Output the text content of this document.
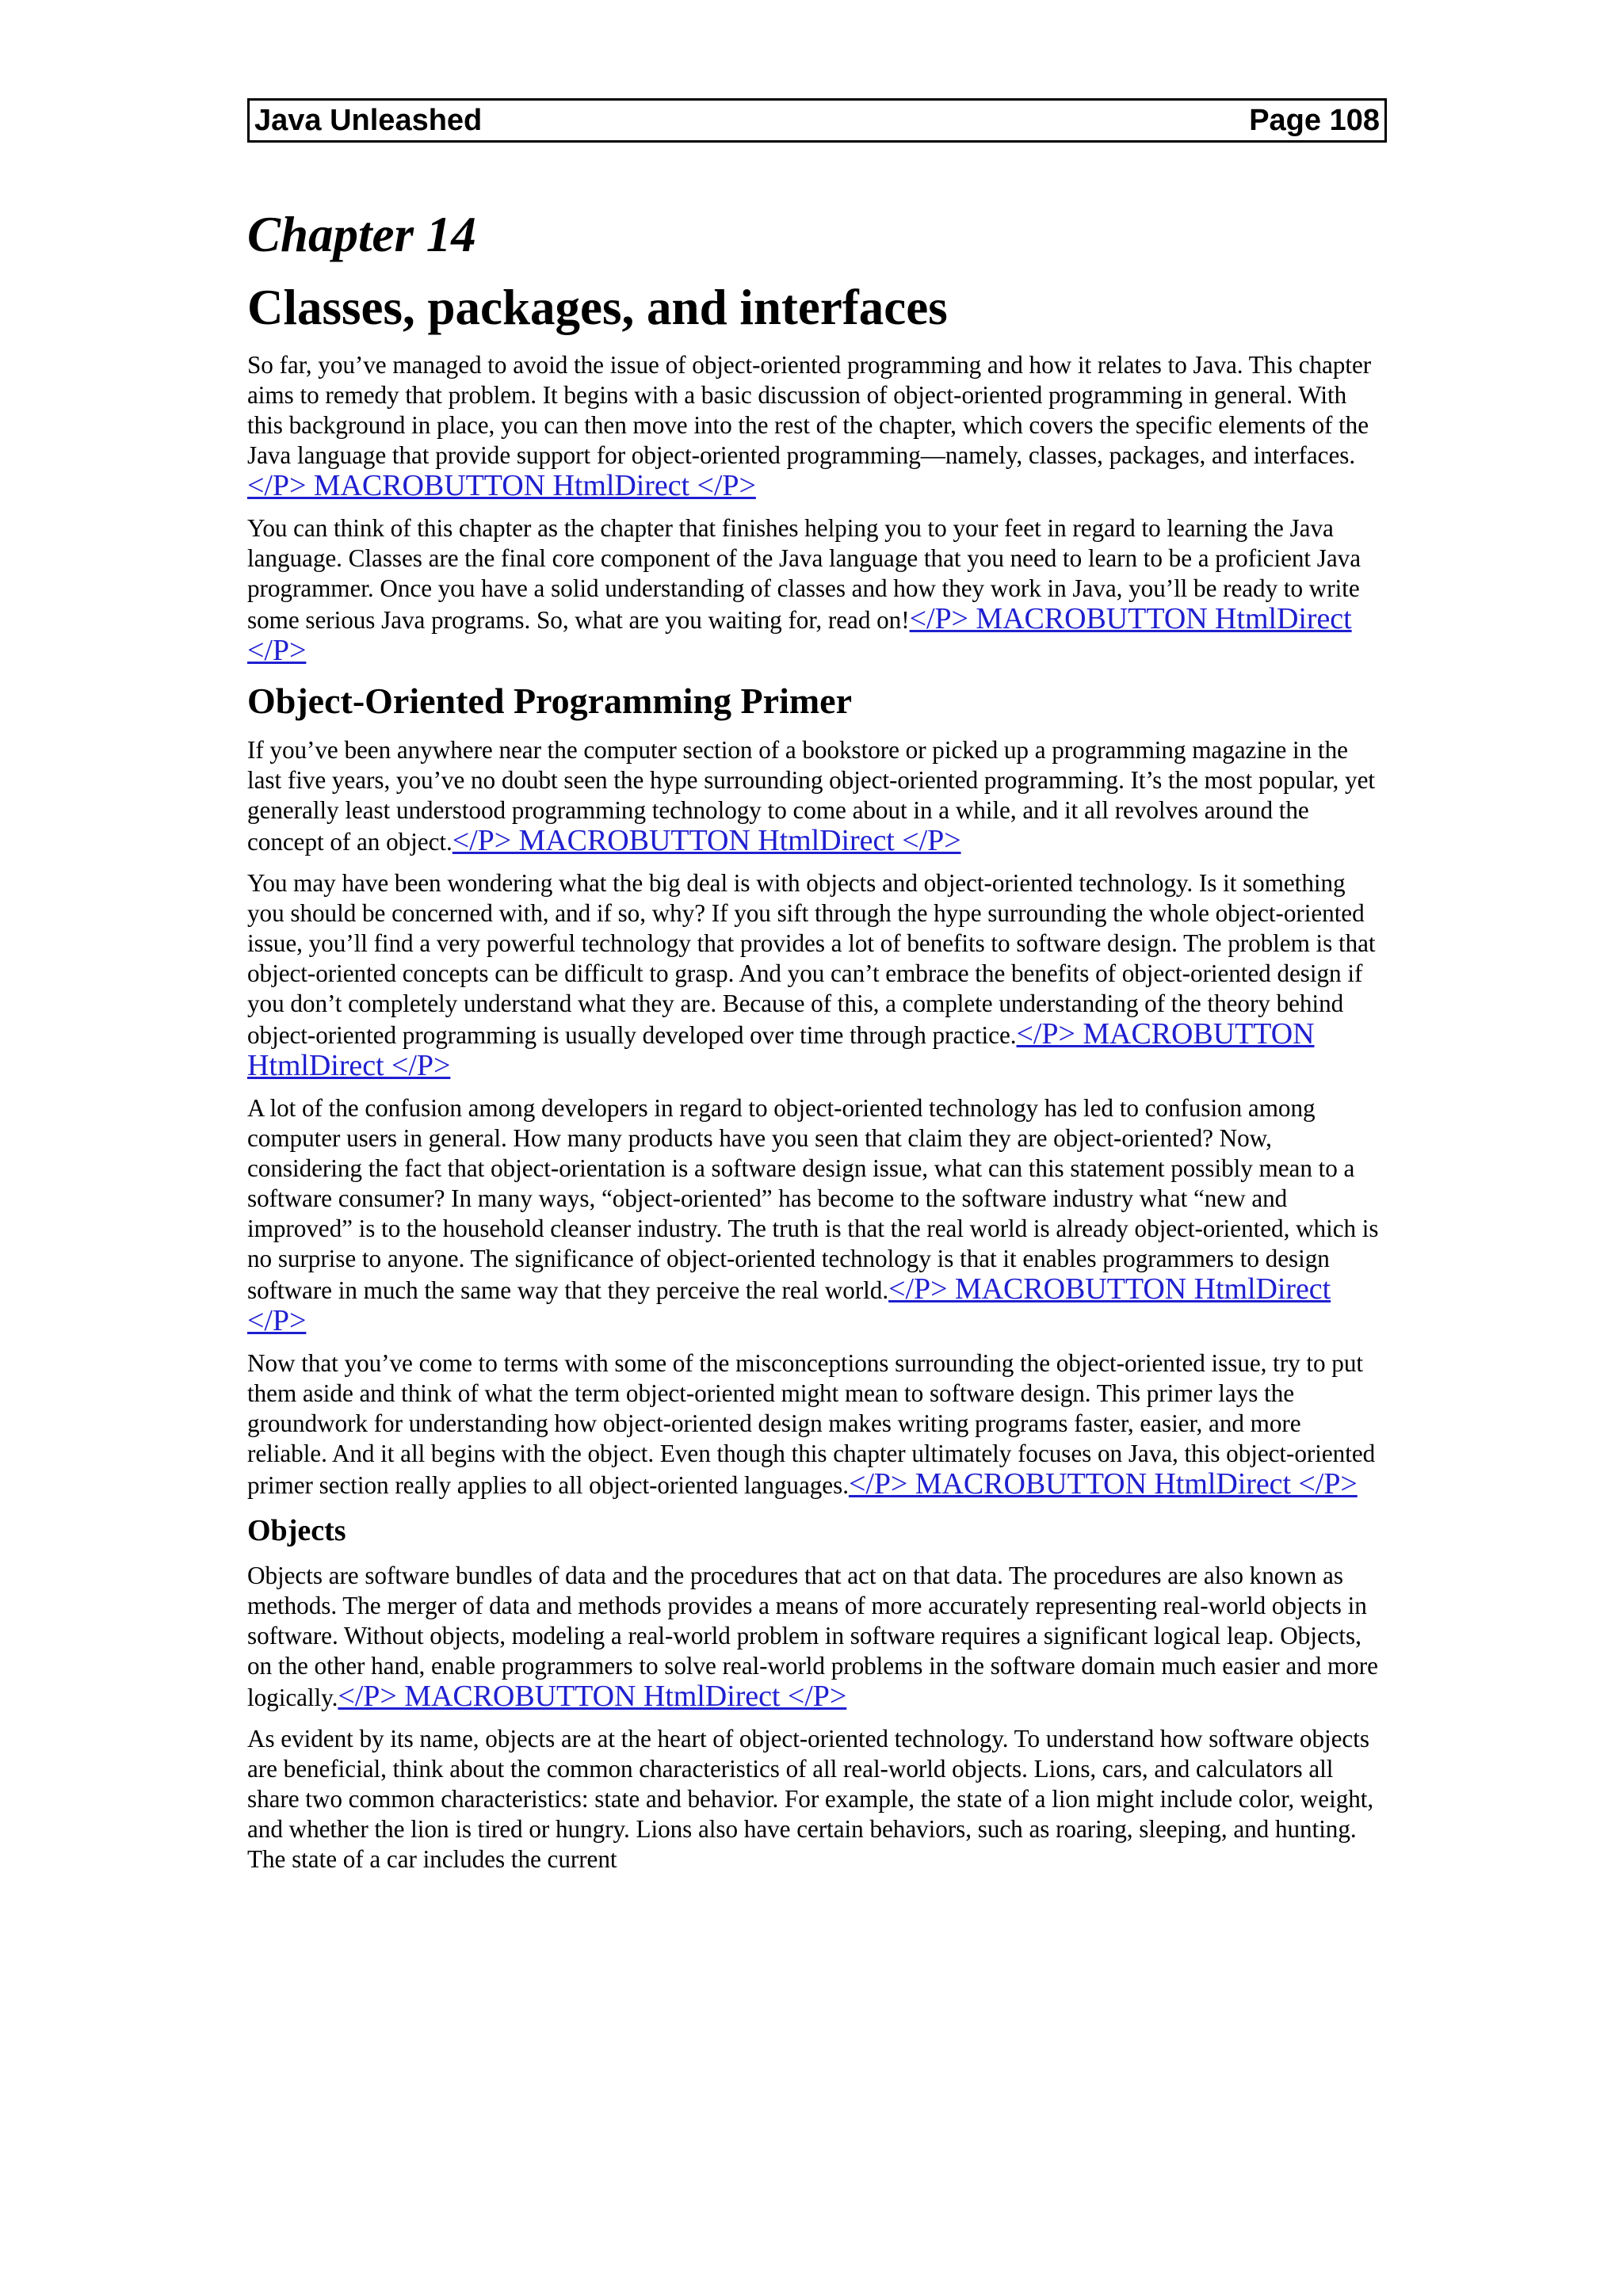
Java Unleashed	Page 108
Chapter 14
Classes, packages, and interfaces

So far, you’ve managed to avoid the issue of object-oriented programming and how it relates to Java. This chapter aims to remedy that problem. It begins with a basic discussion of object-oriented programming in general. With this background in place, you can then move into the rest of the chapter, which covers the specific elements of the Java language that provide support for object-oriented programming—namely, classes, packages, and interfaces.</P> MACROBUTTON HtmlDirect </P>

You can think of this chapter as the chapter that finishes helping you to your feet in regard to learning the Java language. Classes are the final core component of the Java language that you need to learn to be a proficient Java programmer. Once you have a solid understanding of classes and how they work in Java, you’ll be ready to write some serious Java programs. So, what are you waiting for, read on!</P> MACROBUTTON HtmlDirect </P>

Object-Oriented Programming Primer

If you’ve been anywhere near the computer section of a bookstore or picked up a programming magazine in the last five years, you’ve no doubt seen the hype surrounding object-oriented programming. It’s the most popular, yet generally least understood programming technology to come about in a while, and it all revolves around the concept of an object.</P> MACROBUTTON HtmlDirect </P>

You may have been wondering what the big deal is with objects and object-oriented technology. Is it something you should be concerned with, and if so, why? If you sift through the hype surrounding the whole object-oriented issue, you’ll find a very powerful technology that provides a lot of benefits to software design. The problem is that object-oriented concepts can be difficult to grasp. And you can’t embrace the benefits of object-oriented design if you don’t completely understand what they are. Because of this, a complete understanding of the theory behind object-oriented programming is usually developed over time through practice.</P> MACROBUTTON HtmlDirect </P>

A lot of the confusion among developers in regard to object-oriented technology has led to confusion among computer users in general. How many products have you seen that claim they are object-oriented? Now, considering the fact that object-orientation is a software design issue, what can this statement possibly mean to a software consumer? In many ways, “object-oriented” has become to the software industry what “new and improved” is to the household cleanser industry. The truth is that the real world is already object-oriented, which is no surprise to anyone. The significance of object-oriented technology is that it enables programmers to design software in much the same way that they perceive the real world.</P> MACROBUTTON HtmlDirect </P>

Now that you’ve come to terms with some of the misconceptions surrounding the object-oriented issue, try to put them aside and think of what the term object-oriented might mean to software design. This primer lays the groundwork for understanding how object-oriented design makes writing programs faster, easier, and more reliable. And it all begins with the object. Even though this chapter ultimately focuses on Java, this object-oriented primer section really applies to all object-oriented languages.</P> MACROBUTTON HtmlDirect </P>

Objects

Objects are software bundles of data and the procedures that act on that data. The procedures are also known as methods. The merger of data and methods provides a means of more accurately representing real-world objects in software. Without objects, modeling a real-world problem in software requires a significant logical leap. Objects, on the other hand, enable programmers to solve real-world problems in the software domain much easier and more logically.</P> MACROBUTTON HtmlDirect </P>

As evident by its name, objects are at the heart of object-oriented technology. To understand how software objects are beneficial, think about the common characteristics of all real-world objects. Lions, cars, and calculators all share two common characteristics: state and behavior. For example, the state of a lion might include color, weight, and whether the lion is tired or hungry. Lions also have certain behaviors, such as roaring, sleeping, and hunting. The state of a car includes the current
